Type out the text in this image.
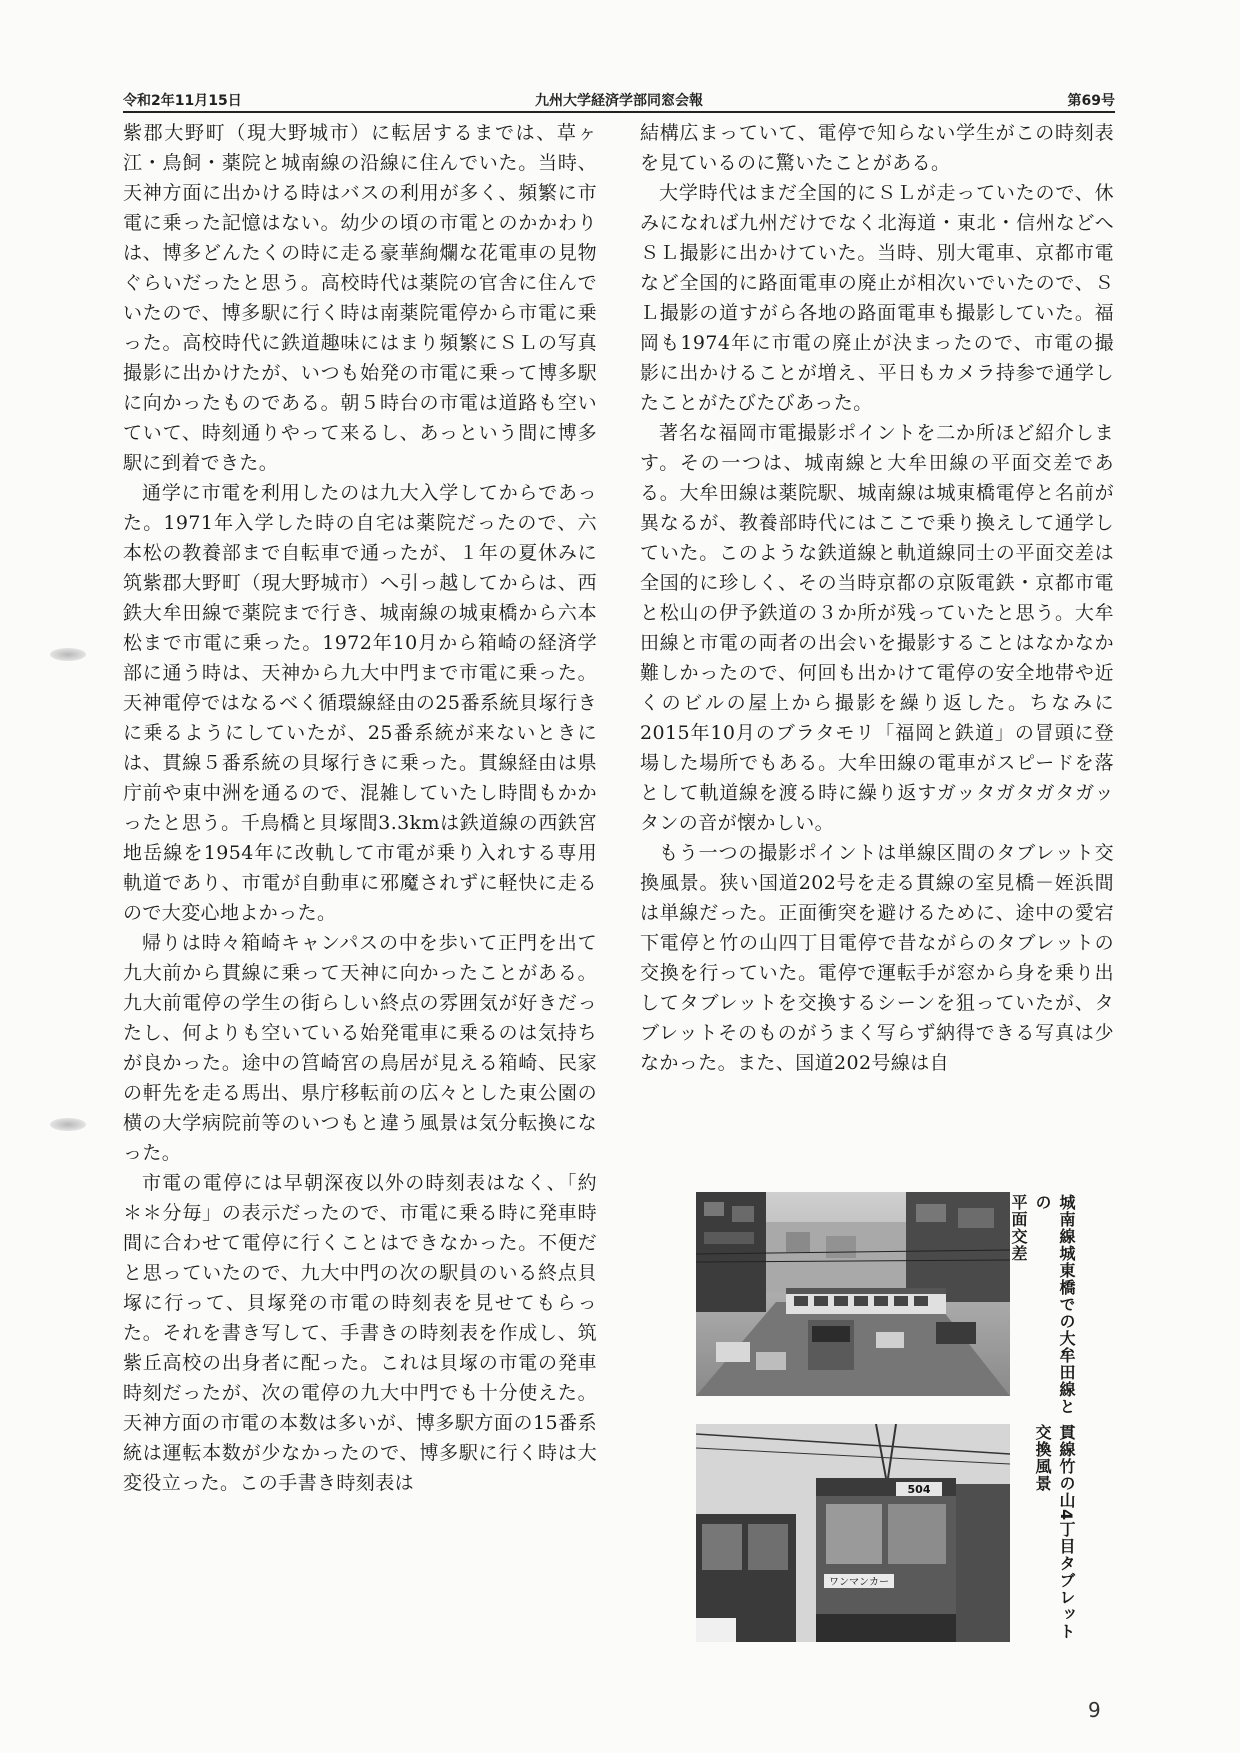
令和2年11月15日	九州大学経済学部同窓会報	第69号

紫郡大野町（現大野城市）に転居するまでは、草ヶ江・鳥飼・薬院と城南線の沿線に住んでいた。当時、天神方面に出かける時はバスの利用が多く、頻繁に市電に乗った記憶はない。幼少の頃の市電とのかかわりは、博多どんたくの時に走る豪華絢爛な花電車の見物ぐらいだったと思う。高校時代は薬院の官舎に住んでいたので、博多駅に行く時は南薬院電停から市電に乗った。高校時代に鉄道趣味にはまり頻繁にＳＬの写真撮影に出かけたが、いつも始発の市電に乗って博多駅に向かったものである。朝５時台の市電は道路も空いていて、時刻通りやって来るし、あっという間に博多駅に到着できた。

通学に市電を利用したのは九大入学してからであった。1971年入学した時の自宅は薬院だったので、六本松の教養部まで自転車で通ったが、１年の夏休みに筑紫郡大野町（現大野城市）へ引っ越してからは、西鉄大牟田線で薬院まで行き、城南線の城東橋から六本松まで市電に乗った。1972年10月から箱崎の経済学部に通う時は、天神から九大中門まで市電に乗った。天神電停ではなるべく循環線経由の25番系統貝塚行きに乗るようにしていたが、25番系統が来ないときには、貫線５番系統の貝塚行きに乗った。貫線経由は県庁前や東中洲を通るので、混雑していたし時間もかかったと思う。千鳥橋と貝塚間3.3kmは鉄道線の西鉄宮地岳線を1954年に改軌して市電が乗り入れする専用軌道であり、市電が自動車に邪魔されずに軽快に走るので大変心地よかった。

帰りは時々箱崎キャンパスの中を歩いて正門を出て九大前から貫線に乗って天神に向かったことがある。九大前電停の学生の街らしい終点の雰囲気が好きだったし、何よりも空いている始発電車に乗るのは気持ちが良かった。途中の筥崎宮の鳥居が見える箱崎、民家の軒先を走る馬出、県庁移転前の広々とした東公園の横の大学病院前等のいつもと違う風景は気分転換になった。

市電の電停には早朝深夜以外の時刻表はなく、「約＊＊分毎」の表示だったので、市電に乗る時に発車時間に合わせて電停に行くことはできなかった。不便だと思っていたので、九大中門の次の駅員のいる終点貝塚に行って、貝塚発の市電の時刻表を見せてもらった。それを書き写して、手書きの時刻表を作成し、筑紫丘高校の出身者に配った。これは貝塚の市電の発車時刻だったが、次の電停の九大中門でも十分使えた。天神方面の市電の本数は多いが、博多駅方面の15番系統は運転本数が少なかったので、博多駅に行く時は大変役立った。この手書き時刻表は

結構広まっていて、電停で知らない学生がこの時刻表を見ているのに驚いたことがある。

大学時代はまだ全国的にＳＬが走っていたので、休みになれば九州だけでなく北海道・東北・信州などへＳＬ撮影に出かけていた。当時、別大電車、京都市電など全国的に路面電車の廃止が相次いでいたので、ＳＬ撮影の道すがら各地の路面電車も撮影していた。福岡も1974年に市電の廃止が決まったので、市電の撮影に出かけることが増え、平日もカメラ持参で通学したことがたびたびあった。

著名な福岡市電撮影ポイントを二か所ほど紹介します。その一つは、城南線と大牟田線の平面交差である。大牟田線は薬院駅、城南線は城東橋電停と名前が異なるが、教養部時代にはここで乗り換えして通学していた。このような鉄道線と軌道線同士の平面交差は全国的に珍しく、その当時京都の京阪電鉄・京都市電と松山の伊予鉄道の３か所が残っていたと思う。大牟田線と市電の両者の出会いを撮影することはなかなか難しかったので、何回も出かけて電停の安全地帯や近くのビルの屋上から撮影を繰り返した。ちなみに2015年10月のブラタモリ「福岡と鉄道」の冒頭に登場した場所でもある。大牟田線の電車がスピードを落として軌道線を渡る時に繰り返すガッタガタガタガッタンの音が懐かしい。

もう一つの撮影ポイントは単線区間のタブレット交換風景。狭い国道202号を走る貫線の室見橋－姪浜間は単線だった。正面衝突を避けるために、途中の愛宕下電停と竹の山四丁目電停で昔ながらのタブレットの交換を行っていた。電停で運転手が窓から身を乗り出してタブレットを交換するシーンを狙っていたが、タブレットそのものがうまく写らず納得できる写真は少なかった。また、国道202号線は自

城南線城東橋での大牟田線との
平面交差
504
ワンマンカー	貫線竹の山4丁目タブレット
交換風景
9
